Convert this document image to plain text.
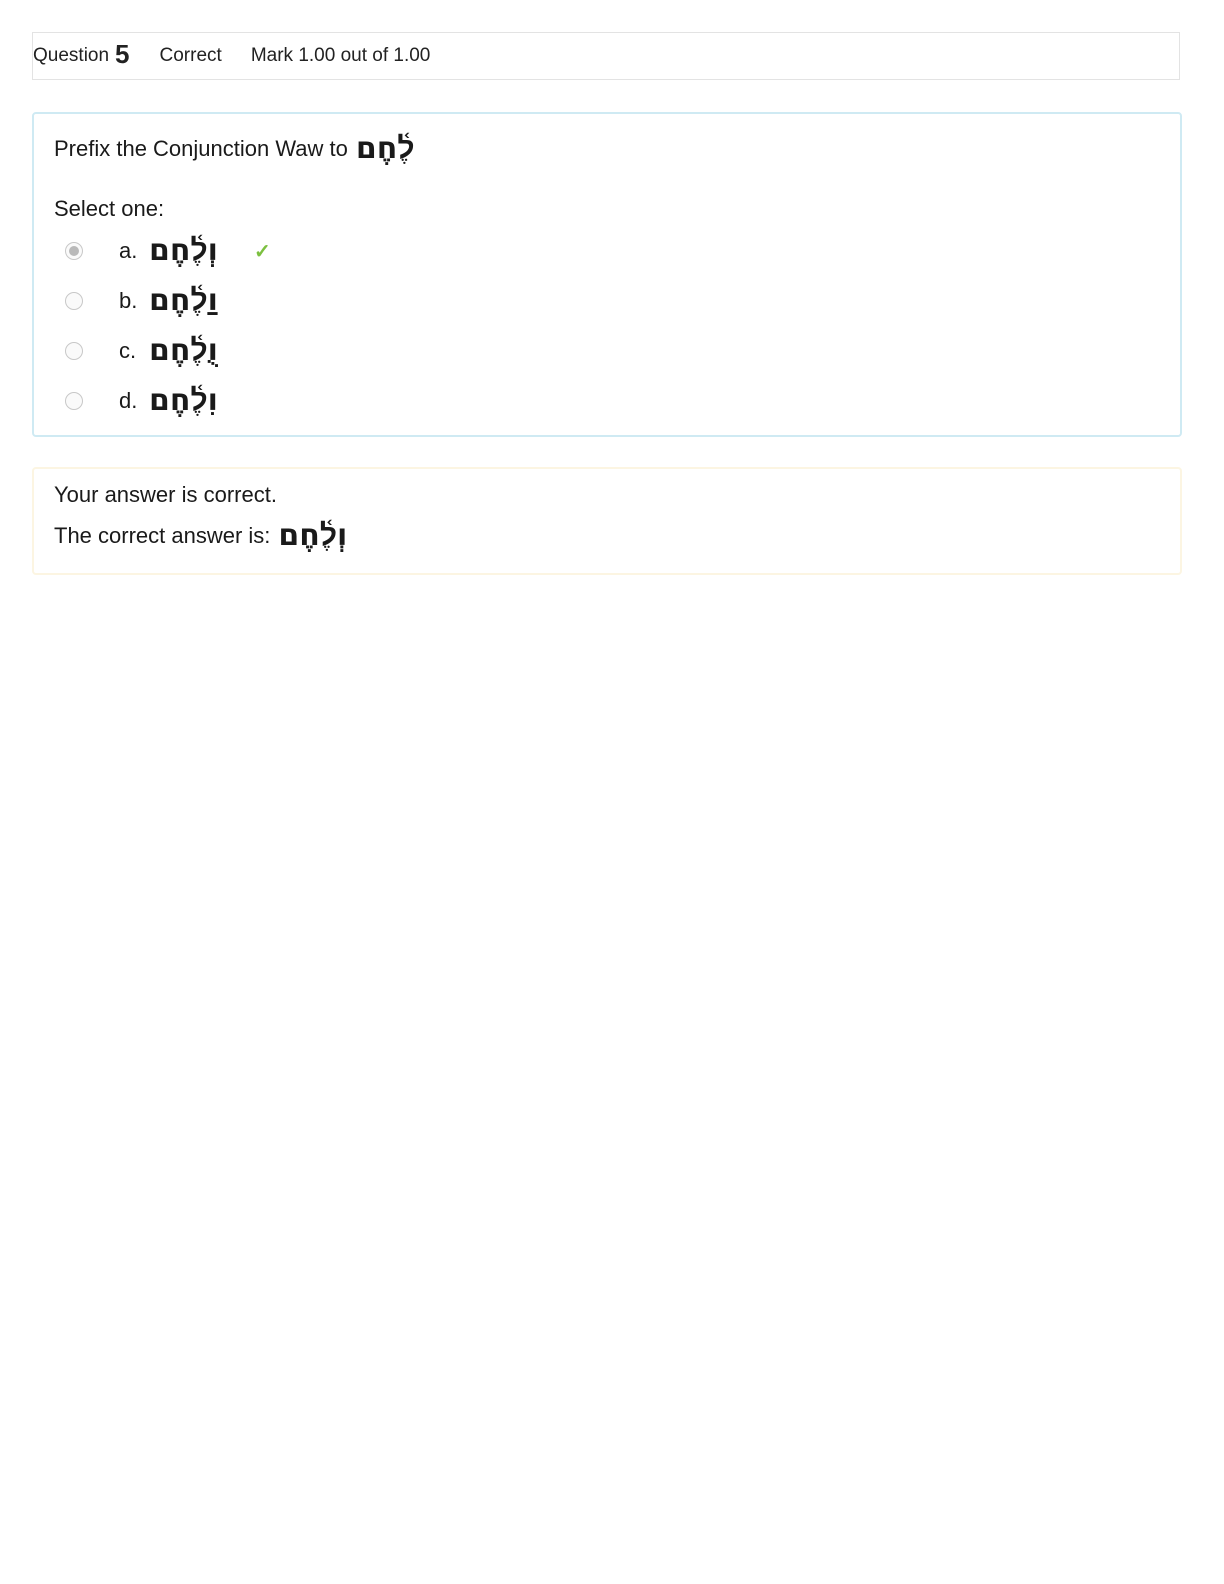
Question 5 Correct Mark 1.00 out of 1.00
Prefix the Conjunction Waw to לֶ֫חֶם
Select one:
a. וְלֶ֫חֶם ✓
b. וַלֶ֫חֶם
c. וֻלֶ֫חֶם
d. וִלֶ֫חֶם
Your answer is correct.
The correct answer is: וְלֶ֫חֶם
